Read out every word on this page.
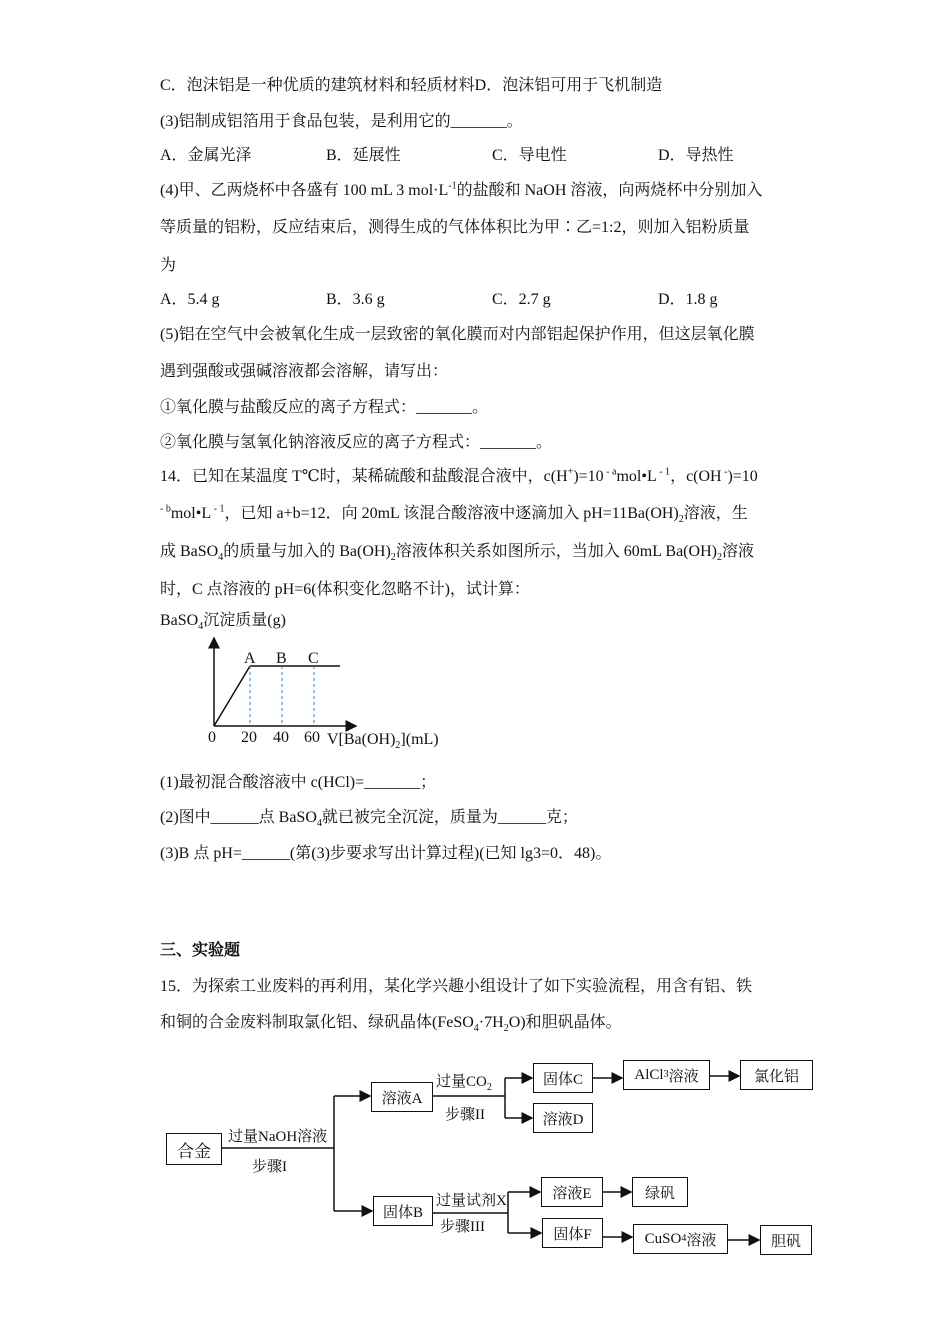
C．泡沫铝是一种优质的建筑材料和轻质材料D．泡沫铝可用于飞机制造
(3)铝制成铝箔用于食品包装，是利用它的_______。
A．金属光泽	B．延展性	C．导电性	D．导热性
(4)甲、乙两烧杯中各盛有 100 mL 3 $mol\cdot L^{-1}$的盐酸和 NaOH 溶液，向两烧杯中分别加入
等质量的铝粉，反应结束后，测得生成的气体体积比为甲∶乙=1:2，则加入铝粉质量
为
A．5.4 g	B．3.6 g	C．2.7 g	D．1.8 g
(5)铝在空气中会被氧化生成一层致密的氧化膜而对内部铝起保护作用，但这层氧化膜
遇到强酸或强碱溶液都会溶解，请写出：
①氧化膜与盐酸反应的离子方程式：_______。
②氧化膜与氢氧化钠溶液反应的离子方程式：_______。
14．已知在某温度 T℃时，某稀硫酸和盐酸混合液中，c(H+)=10 $^{- a}$mol•L $^{- 1}$，c(OH -)=10
$^{- b}$mol•L $^{- 1}$，已知 a+b=12．向 20mL 该混合酸溶液中逐滴加入 $pH=11Ba(OH)_2$溶液，生
成 BaSO$_4$的质量与加入的 $Ba(OH)_2$溶液体积关系如图所示，当加入 60mL $Ba(OH)_2$溶液
时，C 点溶液的 pH=6(体积变化忽略不计)，试计算：
BaSO$_4$沉淀质量(g)
A B C
0 20 40 60 $V[Ba(OH)_2](mL)$
(1)最初混合酸溶液中 c(HCl)=_______；
(2)图中______点 BaSO$_4$就已被完全沉淀，质量为______克；
(3)B 点 pH=______(第(3)步要求写出计算过程)(已知 lg3=0．48)。
三、实验题
15．为探索工业废料的再利用，某化学兴趣小组设计了如下实验流程，用含有铝、铁
和铜的合金废料制取氯化铝、绿矾晶体$(FeSO_4\cdot 7H_2O)$和胆矾晶体。
合金
过量NaOH溶液
步骤I
溶液A
固体B
过量$CO_2$
步骤II
固体C
溶液D
AlCl 3 溶液	氯化铝
过量试剂X
步骤III
溶液E
固体F
绿矾
CuSO 4 溶液	胆矾
